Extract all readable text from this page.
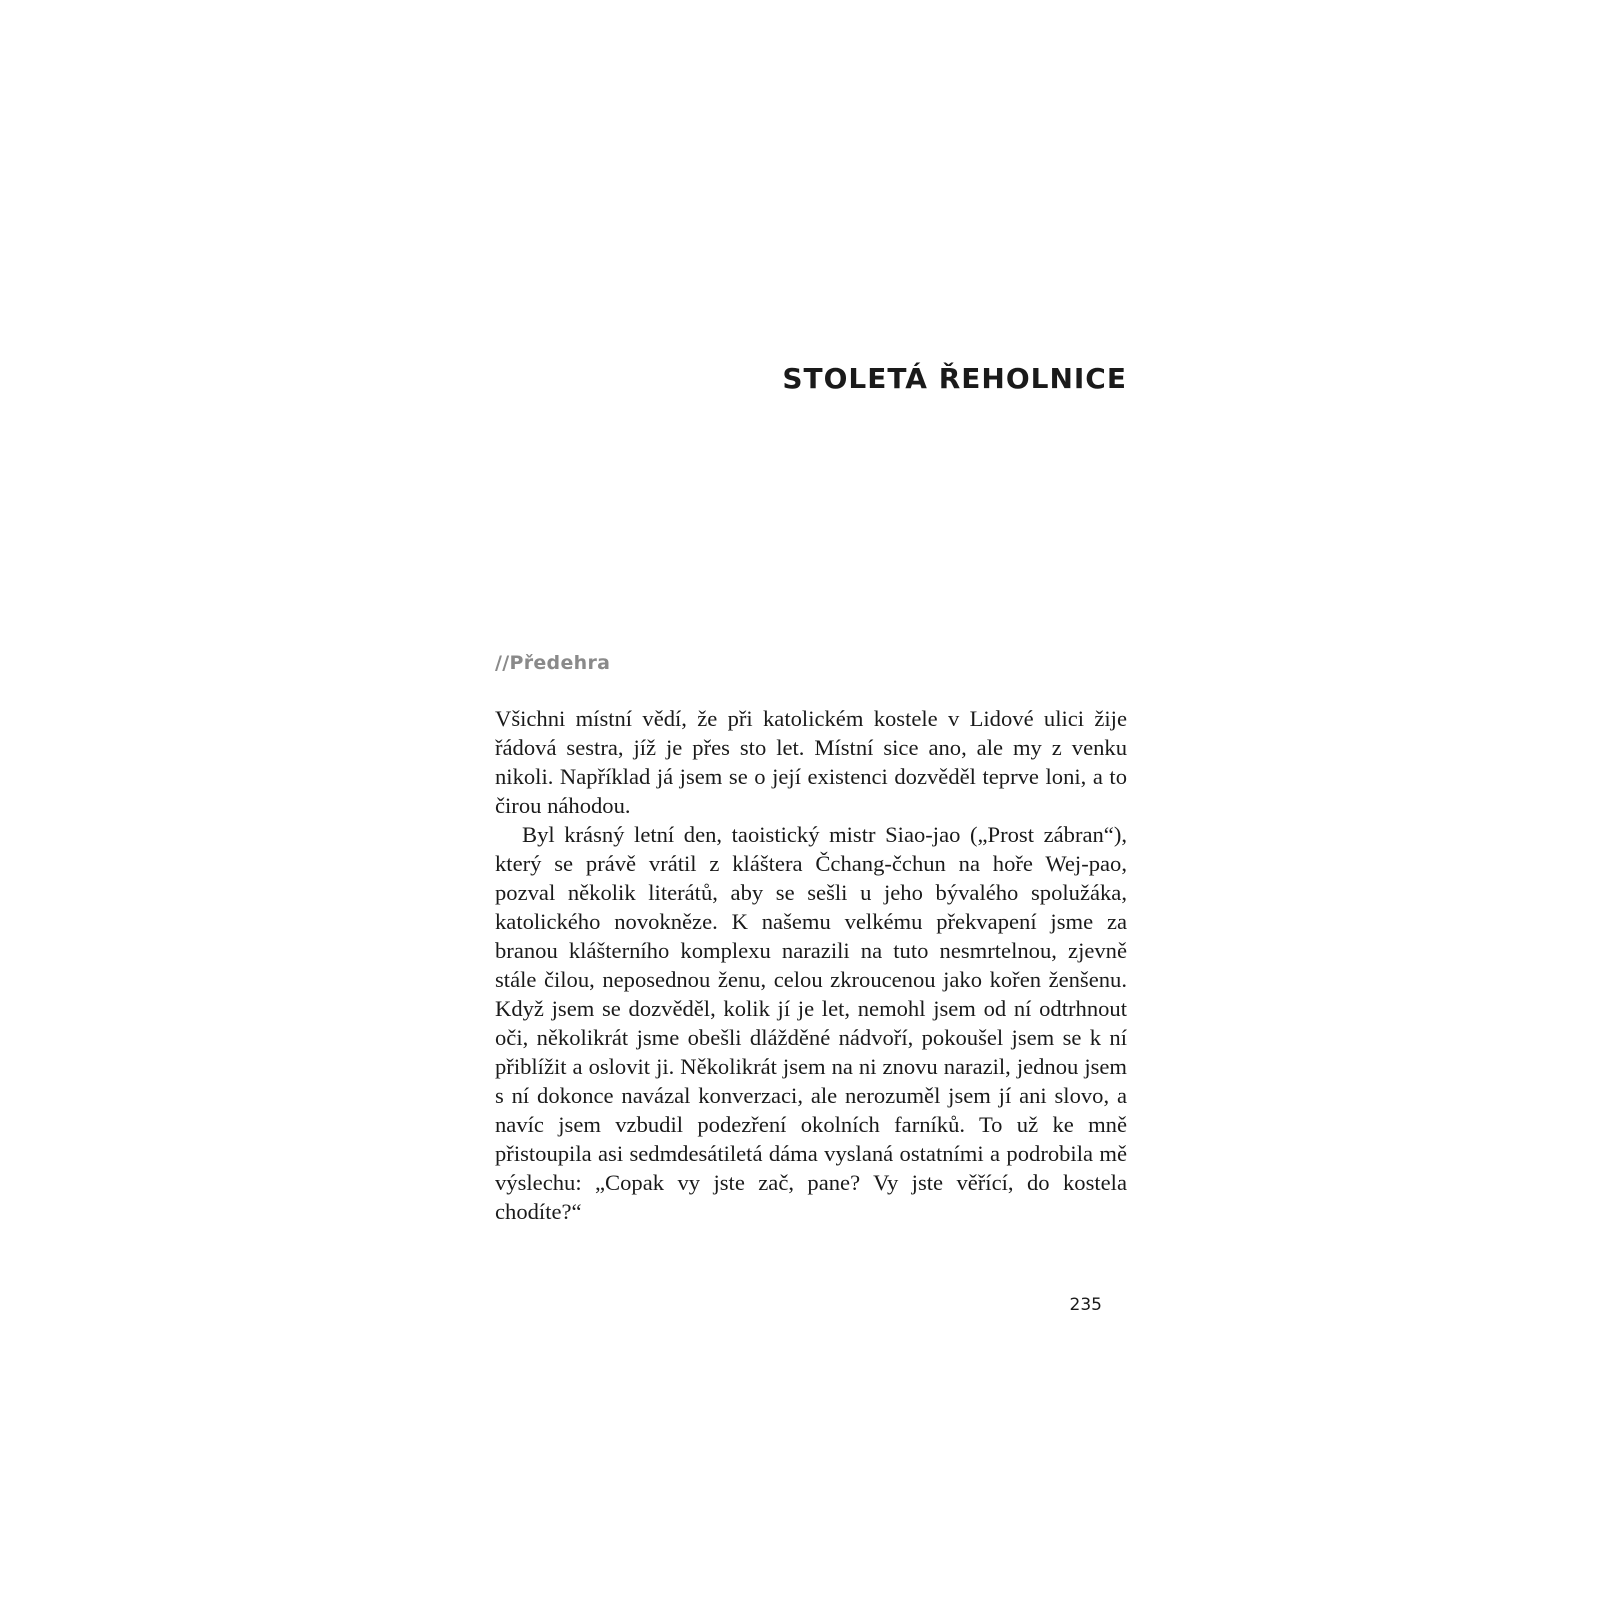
STOLETÁ ŘEHOLNICE
//Předehra

Všichni místní vědí, že při katolickém kostele v Lidové ulici žije řádová sestra, jíž je přes sto let. Místní sice ano, ale my z venku nikoli. Například já jsem se o její existenci dozvěděl teprve loni, a to čirou náhodou.

Byl krásný letní den, taoistický mistr Siao-jao („Prost zábran“), který se právě vrátil z kláštera Čchang-čchun na hoře Wej-pao, pozval několik literátů, aby se sešli u jeho bývalého spolužáka, katolického novokněze. K našemu velkému překvapení jsme za branou klášterního komplexu narazili na tuto nesmrtelnou, zjevně stále čilou, neposednou ženu, celou zkroucenou jako kořen ženšenu. Když jsem se dozvěděl, kolik jí je let, nemohl jsem od ní odtrhnout oči, několikrát jsme obešli dlážděné nádvoří, pokoušel jsem se k ní přiblížit a oslovit ji. Několikrát jsem na ni znovu narazil, jednou jsem s ní dokonce navázal konverzaci, ale nerozuměl jsem jí ani slovo, a navíc jsem vzbudil podezření okolních farníků. To už ke mně přistoupila asi sedmdesátiletá dáma vyslaná ostatními a podrobila mě výslechu: „Copak vy jste zač, pane? Vy jste věřící, do kostela chodíte?“

235
